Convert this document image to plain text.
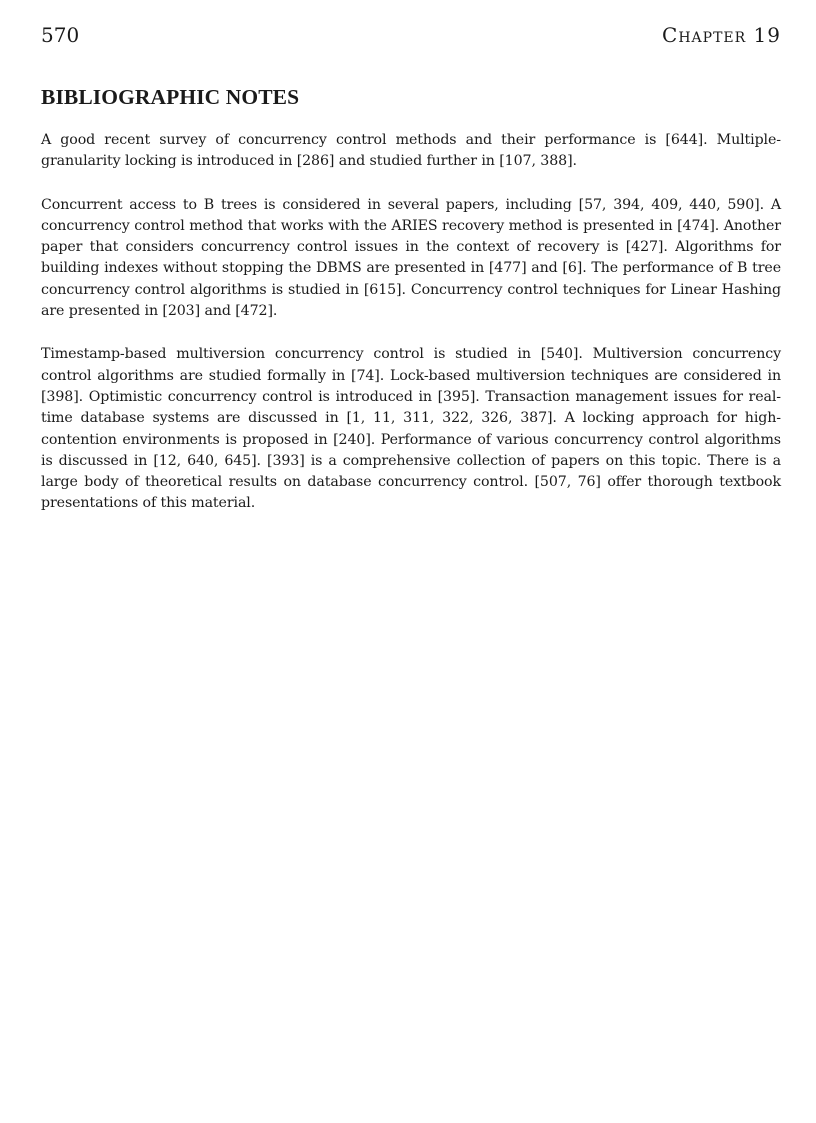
570	Chapter 19
BIBLIOGRAPHIC NOTES

A good recent survey of concurrency control methods and their performance is [644]. Multiple-granularity locking is introduced in [286] and studied further in [107, 388].

Concurrent access to B trees is considered in several papers, including [57, 394, 409, 440, 590]. A concurrency control method that works with the ARIES recovery method is presented in [474]. Another paper that considers concurrency control issues in the context of recovery is [427]. Algorithms for building indexes without stopping the DBMS are presented in [477] and [6]. The performance of B tree concurrency control algorithms is studied in [615]. Concurrency control techniques for Linear Hashing are presented in [203] and [472].

Timestamp-based multiversion concurrency control is studied in [540]. Multiversion concurrency control algorithms are studied formally in [74]. Lock-based multiversion techniques are considered in [398]. Optimistic concurrency control is introduced in [395]. Transaction management issues for real-time database systems are discussed in [1, 11, 311, 322, 326, 387]. A locking approach for high-contention environments is proposed in [240]. Performance of various concurrency control algorithms is discussed in [12, 640, 645]. [393] is a comprehensive collection of papers on this topic. There is a large body of theoretical results on database concurrency control. [507, 76] offer thorough textbook presentations of this material.
